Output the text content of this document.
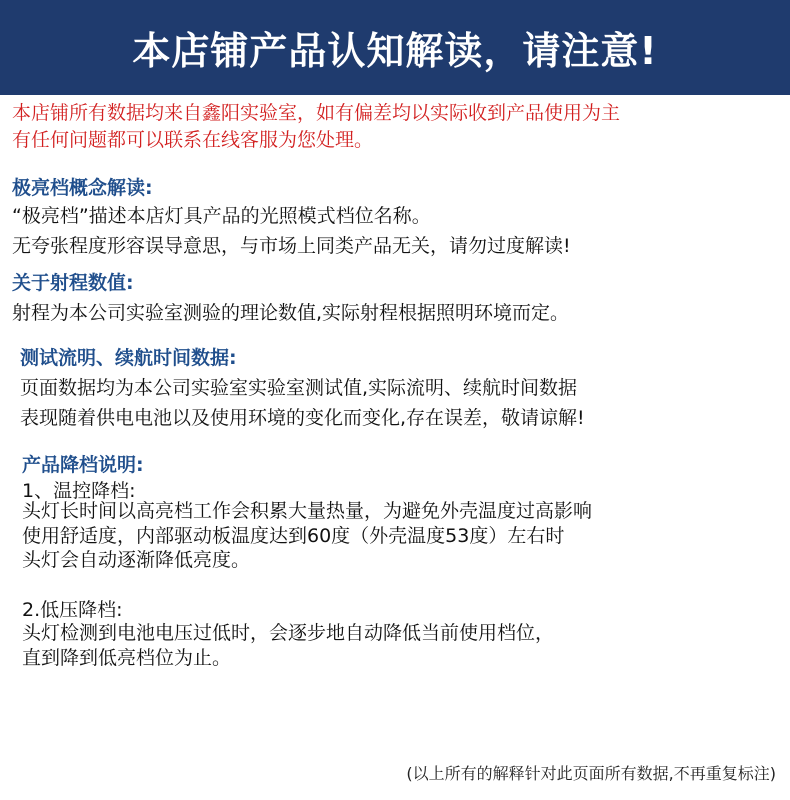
本店铺产品认知解读，请注意!
本店铺所有数据均来自鑫阳实验室，如有偏差均以实际收到产品使用为主
有任何问题都可以联系在线客服为您处理。
极亮档概念解读:
“极亮档”描述本店灯具产品的光照模式档位名称。
无夸张程度形容误导意思，与市场上同类产品无关，请勿过度解读!
关于射程数值:
射程为本公司实验室测验的理论数值,实际射程根据照明环境而定。
测试流明、续航时间数据:
页面数据均为本公司实验室实验室测试值,实际流明、续航时间数据
表现随着供电电池以及使用环境的变化而变化,存在误差，敬请谅解!
产品降档说明:
1、温控降档:
头灯长时间以高亮档工作会积累大量热量，为避免外壳温度过高影响
使用舒适度，内部驱动板温度达到60度（外壳温度53度）左右时
头灯会自动逐渐降低亮度。
2.低压降档:
头灯检测到电池电压过低时，会逐步地自动降低当前使用档位，
直到降到低亮档位为止。
(以上所有的解释针对此页面所有数据,不再重复标注)
